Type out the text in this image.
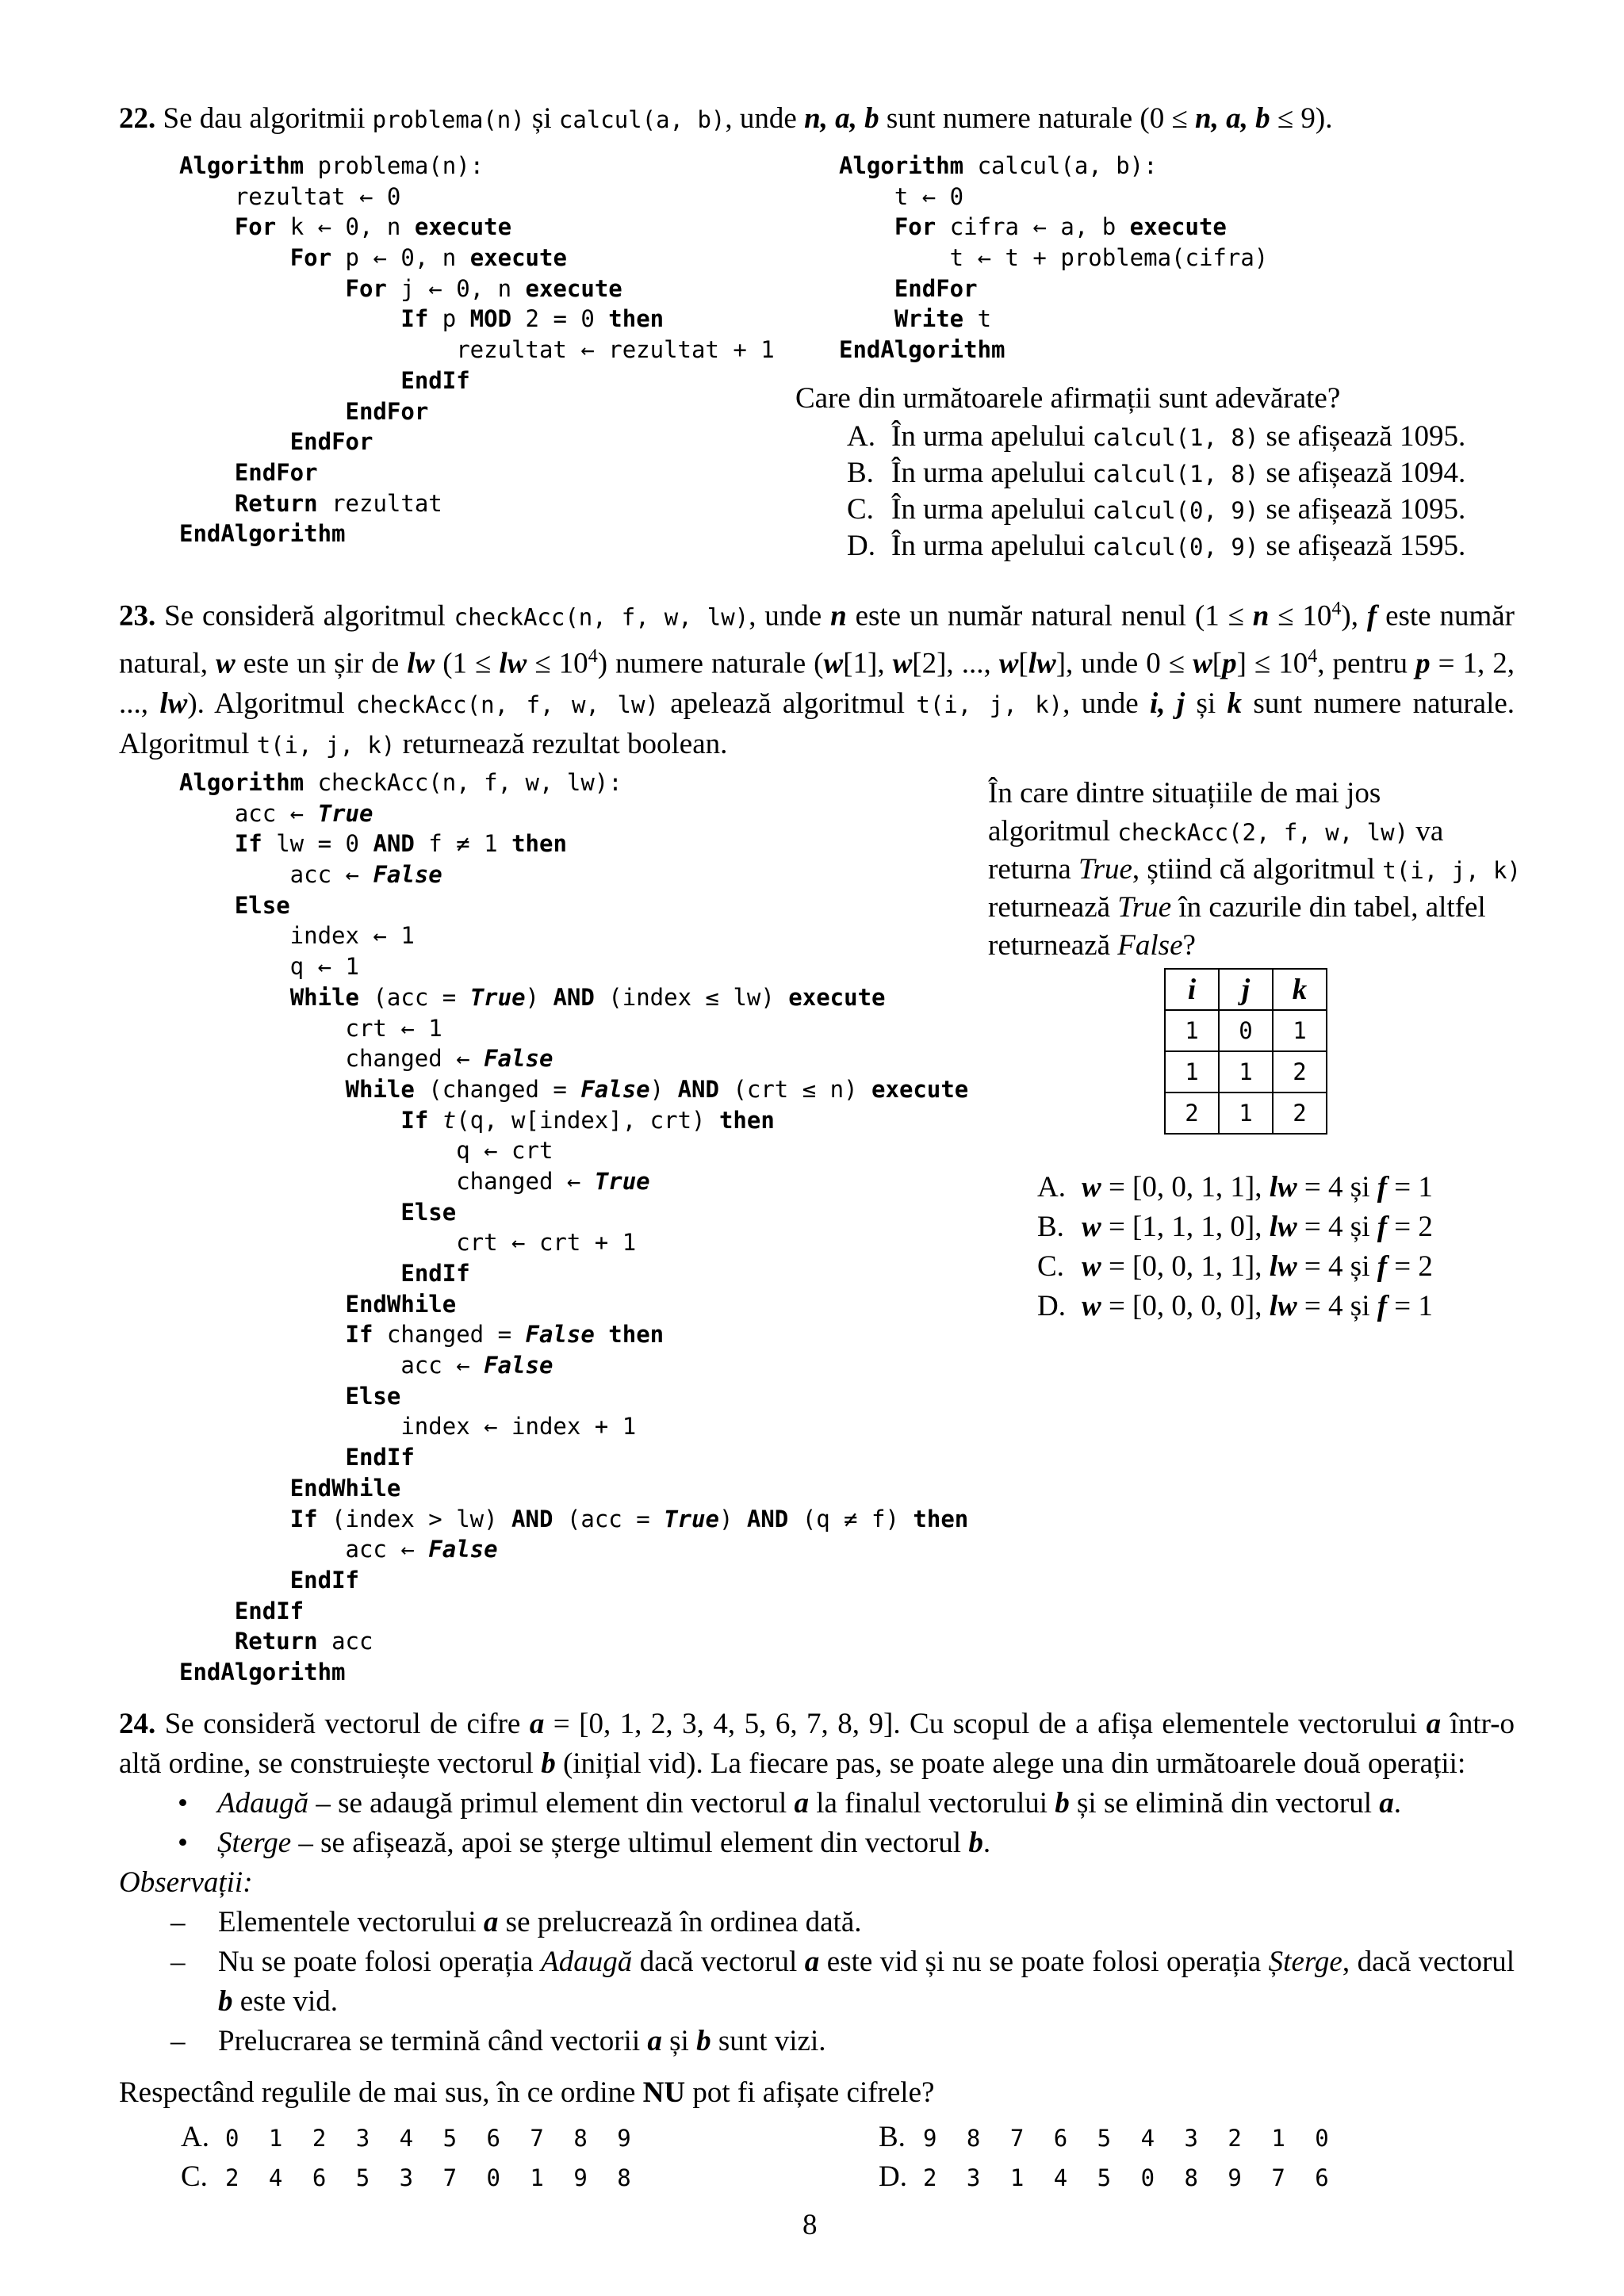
22. Se dau algoritmii problema(n) și calcul(a, b), unde n, a, b sunt numere naturale (0 ≤ n, a, b ≤ 9).
Algorithm problema(n):
rezultat ← 0
For k ← 0, n execute
For p ← 0, n execute
For j ← 0, n execute
If p MOD 2 = 0 then
rezultat ← rezultat + 1
EndIf
EndFor
EndFor
EndFor
Return rezultat
EndAlgorithm
Algorithm calcul(a, b):
t ← 0
For cifra ← a, b execute
t ← t + problema(cifra)
EndFor
Write t
EndAlgorithm
Care din următoarele afirmații sunt adevărate?
A. În urma apelului calcul(1, 8) se afișează 1095.
B. În urma apelului calcul(1, 8) se afișează 1094.
C. În urma apelului calcul(0, 9) se afișează 1095.
D. În urma apelului calcul(0, 9) se afișează 1595.
23. Se consideră algoritmul checkAcc(n, f, w, lw), unde n este un număr natural nenul $(1 \le n \le 10^4)$, f este număr natural, w este un șir de lw (1 ≤ lw ≤ $10^4$) numere naturale (w[1], w[2], ..., w[lw], unde $0 \le w[p] \le 10^4$, pentru p = 1, 2, ..., lw). Algoritmul checkAcc(n, f, w, lw) apelează algoritmul t(i, j, k), unde i, j și k sunt numere naturale. Algoritmul t(i, j, k) returnează rezultat boolean.
Algorithm checkAcc(n, f, w, lw):
acc ← True
If lw = 0 AND f ≠ 1 then
acc ← False
Else
index ← 1
q ← 1
While (acc = True) AND (index ≤ lw) execute
crt ← 1
changed ← False
While (changed = False) AND (crt ≤ n) execute
If t(q, w[index], crt) then
q ← crt
changed ← True
Else
crt ← crt + 1
EndIf
EndWhile
If changed = False then
acc ← False
Else
index ← index + 1
EndIf
EndWhile
If (index > lw) AND (acc = True) AND (q ≠ f) then
acc ← False
EndIf
EndIf
Return acc
EndAlgorithm
În care dintre situațiile de mai jos
algoritmul checkAcc(2, f, w, lw) va
returna True, știind că algoritmul t(i, j, k)
returnează True în cazurile din tabel, altfel
returnează False?
i	j	k
1	0	1
1	1	2
2	1	2
A. w = [0, 0, 1, 1], lw = 4 și f = 1
B. w = [1, 1, 1, 0], lw = 4 și f = 2
C. w = [0, 0, 1, 1], lw = 4 și f = 2
D. w = [0, 0, 0, 0], lw = 4 și f = 1
24. Se consideră vectorul de cifre a = [0, 1, 2, 3, 4, 5, 6, 7, 8, 9]. Cu scopul de a afișa elementele vectorului a într-o altă ordine, se construiește vectorul b (inițial vid). La fiecare pas, se poate alege una din următoarele două operații:
• Adaugă – se adaugă primul element din vectorul a la finalul vectorului b și se elimină din vectorul a.
• Șterge – se afișează, apoi se șterge ultimul element din vectorul b.
Observații:
– Elementele vectorului a se prelucrează în ordinea dată.
– Nu se poate folosi operația Adaugă dacă vectorul a este vid și nu se poate folosi operația Șterge, dacă vectorul b este vid.
– Prelucrarea se termină când vectorii a și b sunt vizi.
Respectând regulile de mai sus, în ce ordine NU pot fi afișate cifrele?
A. 0 1 2 3 4 5 6 7 8 9	B. 9 8 7 6 5 4 3 2 1 0
C. 2 4 6 5 3 7 0 1 9 8	D. 2 3 1 4 5 0 8 9 7 6
8
